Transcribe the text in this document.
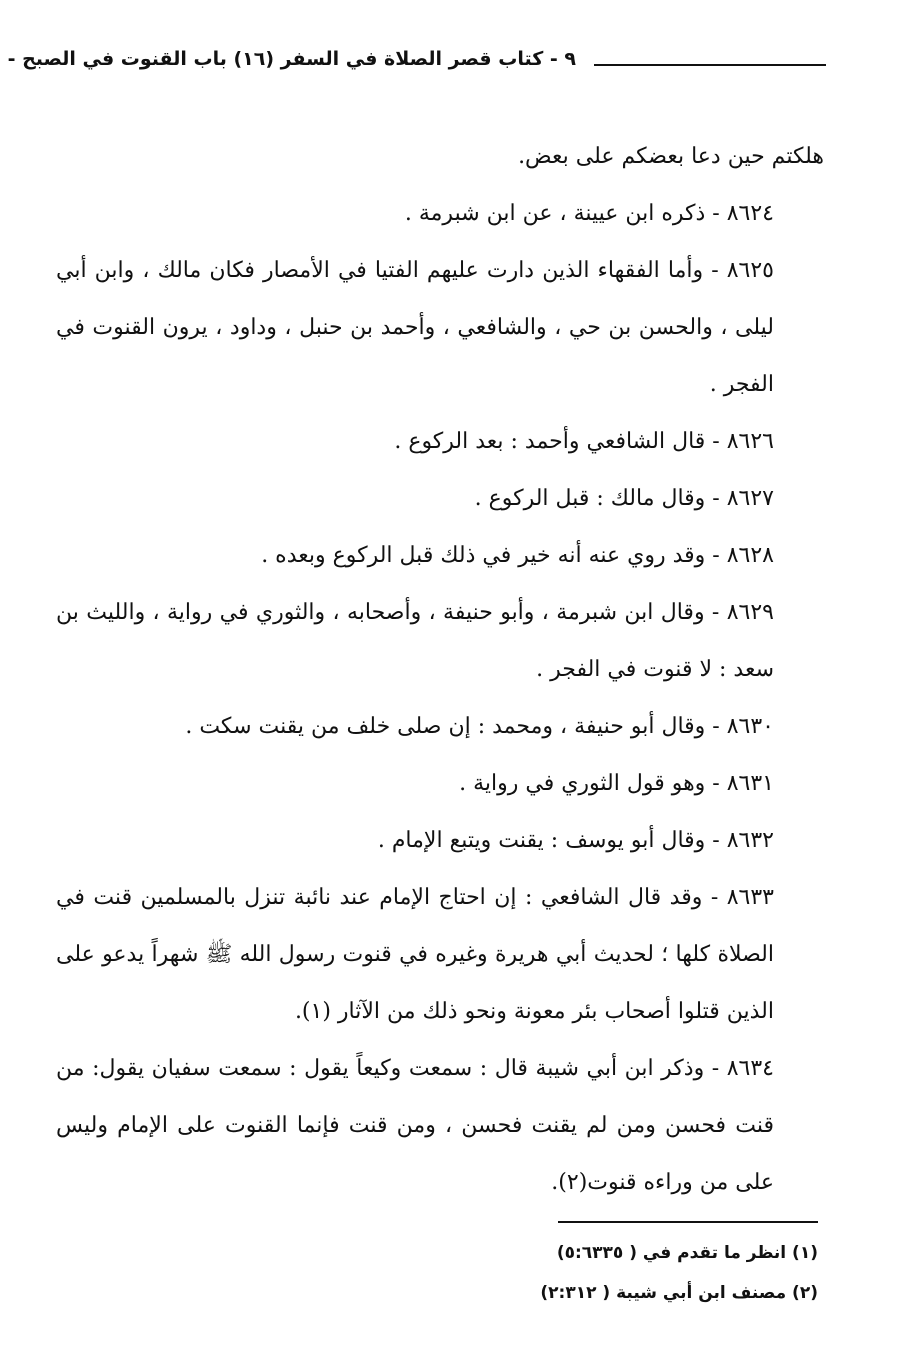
٩ - كتاب قصر الصلاة في السفر (١٦) باب القنوت في الصبح -

هلكتم حين دعا بعضكم على بعض.

٨٦٢٤ - ذكره ابن عيينة ، عن ابن شبرمة .

٨٦٢٥ - وأما الفقهاء الذين دارت عليهم الفتيا في الأمصار فكان مالك ، وابن أبي ليلى ، والحسن بن حي ، والشافعي ، وأحمد بن حنبل ، وداود ، يرون القنوت في الفجر .

٨٦٢٦ - قال الشافعي وأحمد : بعد الركوع .

٨٦٢٧ - وقال مالك : قبل الركوع .

٨٦٢٨ - وقد روي عنه أنه خير في ذلك قبل الركوع وبعده .

٨٦٢٩ - وقال ابن شبرمة ، وأبو حنيفة ، وأصحابه ، والثوري في رواية ، والليث بن سعد : لا قنوت في الفجر .

٨٦٣٠ - وقال أبو حنيفة ، ومحمد : إن صلى خلف من يقنت سكت .

٨٦٣١ - وهو قول الثوري في رواية .

٨٦٣٢ - وقال أبو يوسف : يقنت ويتبع الإمام .

٨٦٣٣ - وقد قال الشافعي : إن احتاج الإمام عند نائبة تنزل بالمسلمين قنت في الصلاة كلها ؛ لحديث أبي هريرة وغيره في قنوت رسول الله ﷺ شهراً يدعو على الذين قتلوا أصحاب بئر معونة ونحو ذلك من الآثار (١).

٨٦٣٤ - وذكر ابن أبي شيبة قال : سمعت وكيعاً يقول : سمعت سفيان يقول: من قنت فحسن ومن لم يقنت فحسن ، ومن قنت فإنما القنوت على الإمام وليس على من وراءه قنوت(٢).

(١) انظر ما تقدم في ( ٥:٦٣٣٥)

(٢) مصنف ابن أبي شيبة ( ٢:٣١٢)
